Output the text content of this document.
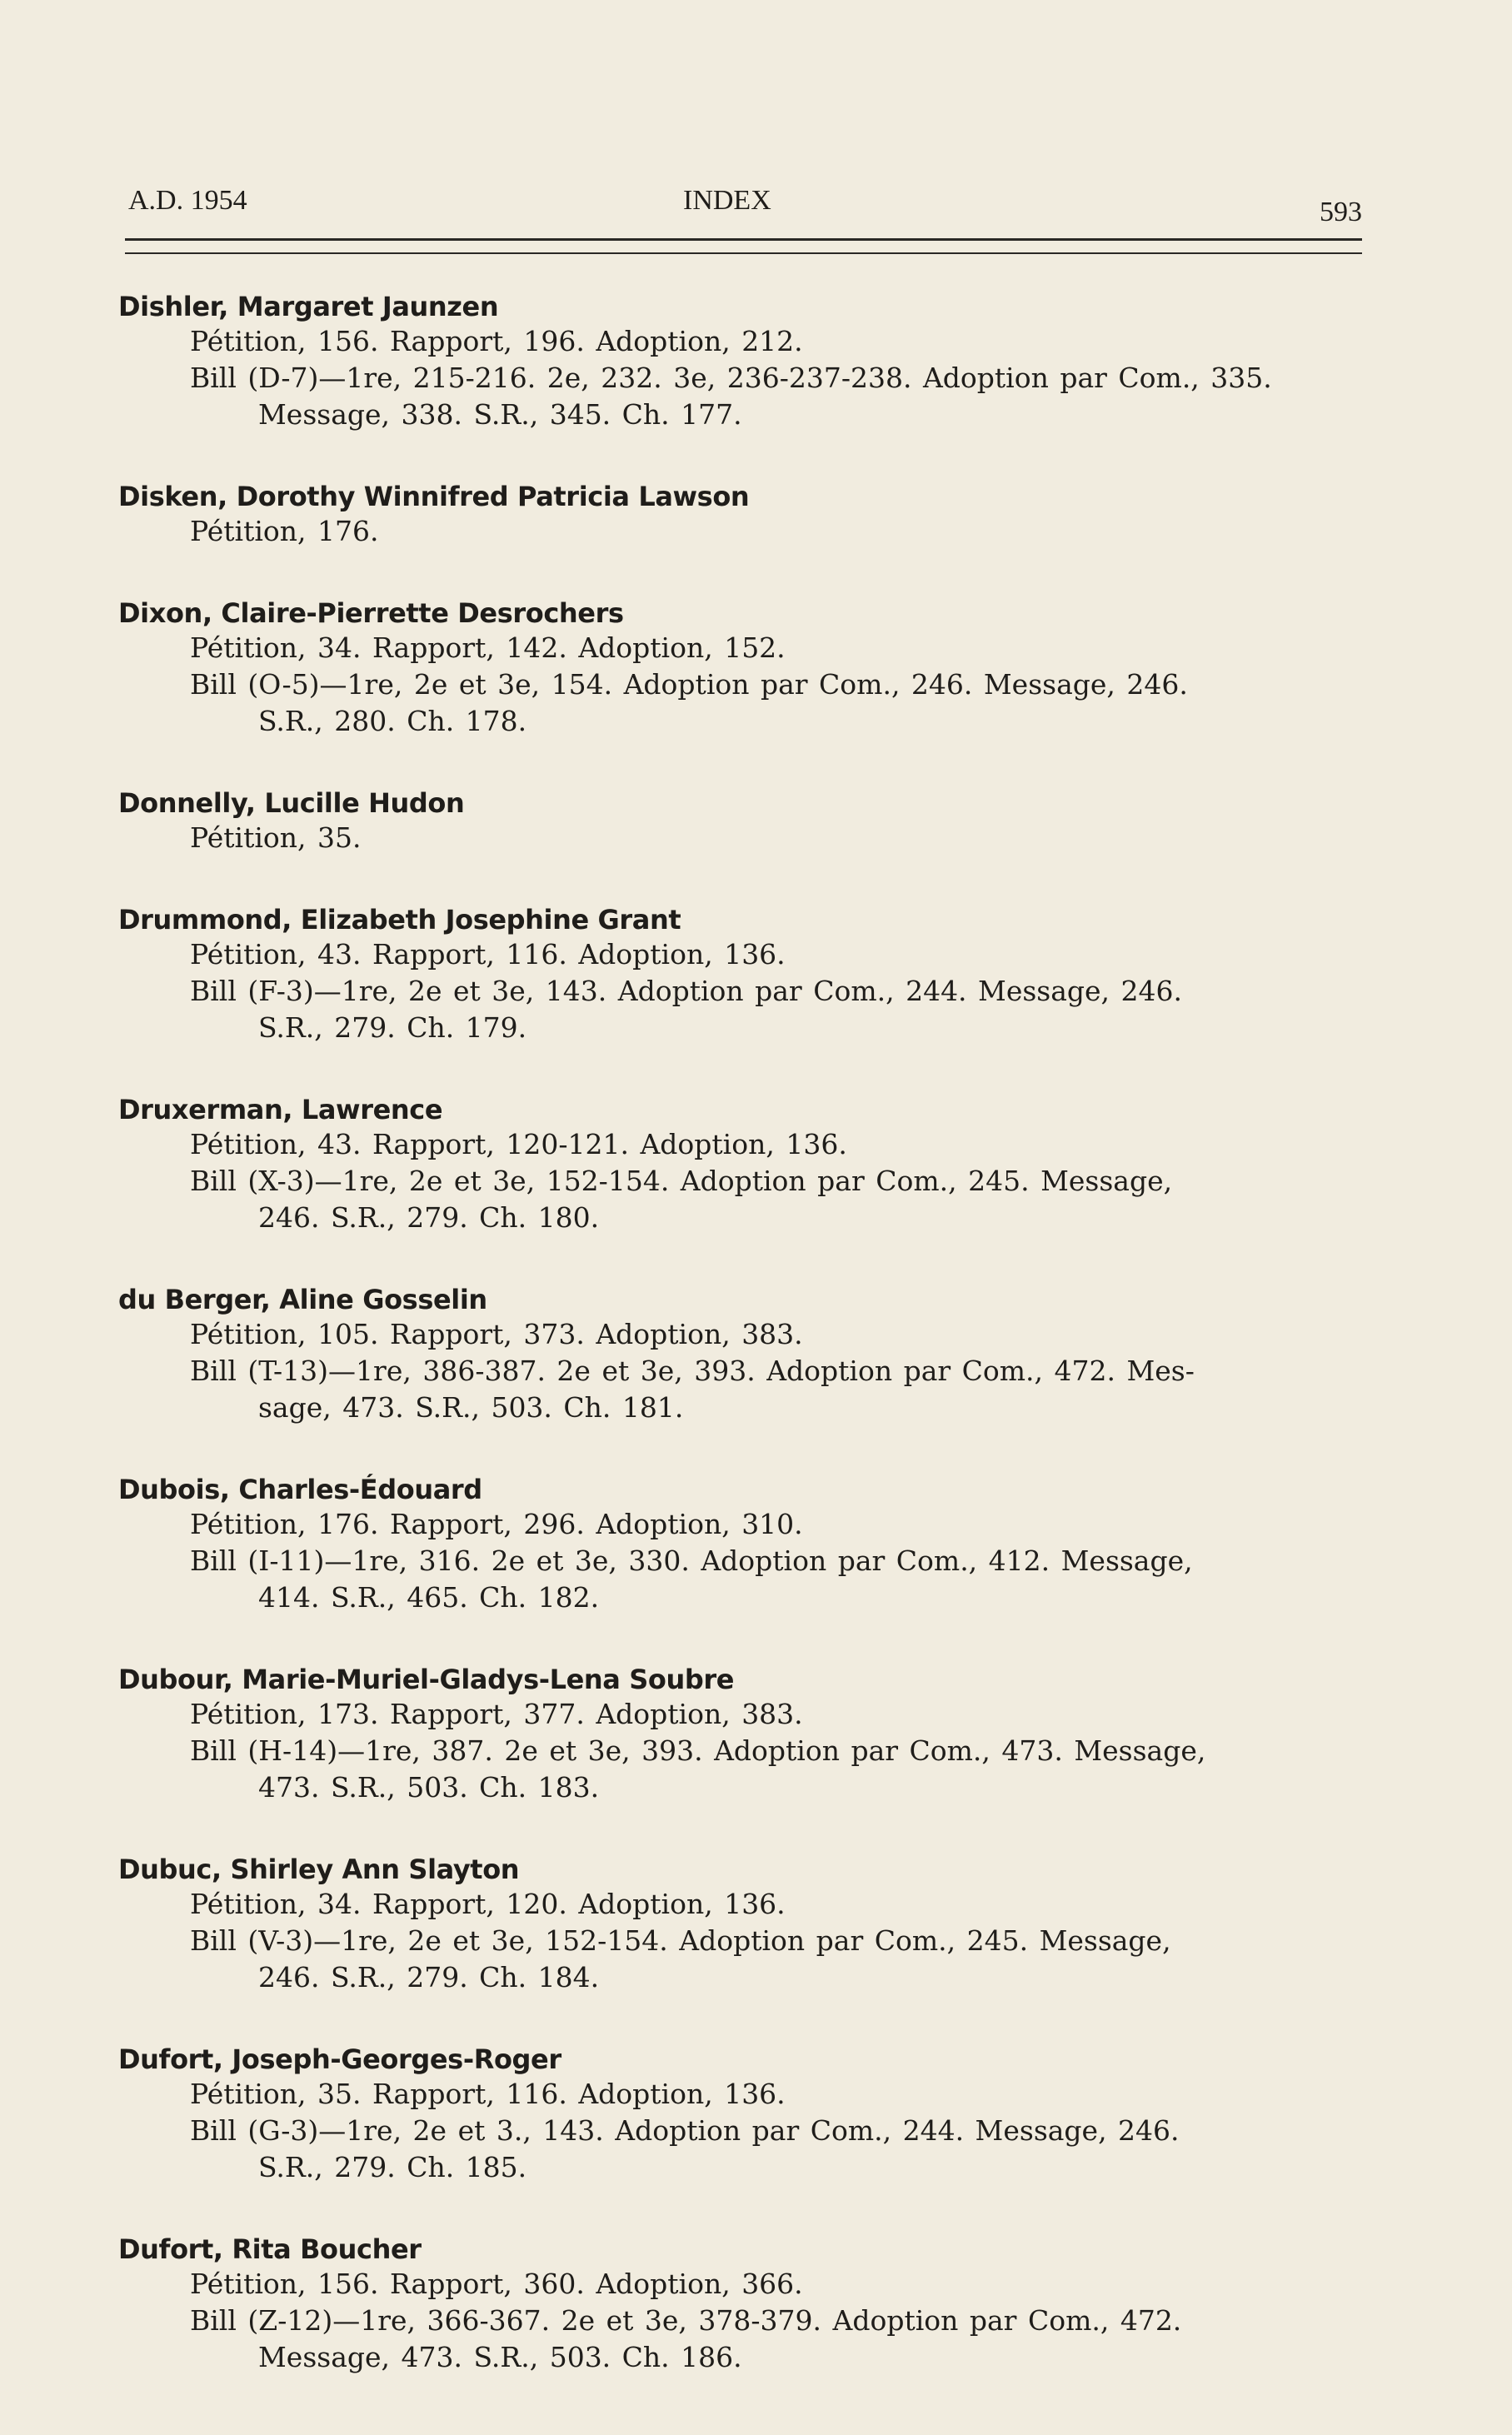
A.D. 1954	INDEX	593
Dishler, Margaret Jaunzen
Pétition, 156. Rapport, 196. Adoption, 212.
Bill (D-7)—1re, 215-216. 2e, 232. 3e, 236-237-238. Adoption par Com., 335.
Message, 338. S.R., 345. Ch. 177.
Disken, Dorothy Winnifred Patricia Lawson
Pétition, 176.
Dixon, Claire-Pierrette Desrochers
Pétition, 34. Rapport, 142. Adoption, 152.
Bill (O-5)—1re, 2e et 3e, 154. Adoption par Com., 246. Message, 246.
S.R., 280. Ch. 178.
Donnelly, Lucille Hudon
Pétition, 35.
Drummond, Elizabeth Josephine Grant
Pétition, 43. Rapport, 116. Adoption, 136.
Bill (F-3)—1re, 2e et 3e, 143. Adoption par Com., 244. Message, 246.
S.R., 279. Ch. 179.
Druxerman, Lawrence
Pétition, 43. Rapport, 120-121. Adoption, 136.
Bill (X-3)—1re, 2e et 3e, 152-154. Adoption par Com., 245. Message,
246. S.R., 279. Ch. 180.
du Berger, Aline Gosselin
Pétition, 105. Rapport, 373. Adoption, 383.
Bill (T-13)—1re, 386-387. 2e et 3e, 393. Adoption par Com., 472. Mes-
sage, 473. S.R., 503. Ch. 181.
Dubois, Charles-Édouard
Pétition, 176. Rapport, 296. Adoption, 310.
Bill (I-11)—1re, 316. 2e et 3e, 330. Adoption par Com., 412. Message,
414. S.R., 465. Ch. 182.
Dubour, Marie-Muriel-Gladys-Lena Soubre
Pétition, 173. Rapport, 377. Adoption, 383.
Bill (H-14)—1re, 387. 2e et 3e, 393. Adoption par Com., 473. Message,
473. S.R., 503. Ch. 183.
Dubuc, Shirley Ann Slayton
Pétition, 34. Rapport, 120. Adoption, 136.
Bill (V-3)—1re, 2e et 3e, 152-154. Adoption par Com., 245. Message,
246. S.R., 279. Ch. 184.
Dufort, Joseph-Georges-Roger
Pétition, 35. Rapport, 116. Adoption, 136.
Bill (G-3)—1re, 2e et 3., 143. Adoption par Com., 244. Message, 246.
S.R., 279. Ch. 185.
Dufort, Rita Boucher
Pétition, 156. Rapport, 360. Adoption, 366.
Bill (Z-12)—1re, 366-367. 2e et 3e, 378-379. Adoption par Com., 472.
Message, 473. S.R., 503. Ch. 186.
